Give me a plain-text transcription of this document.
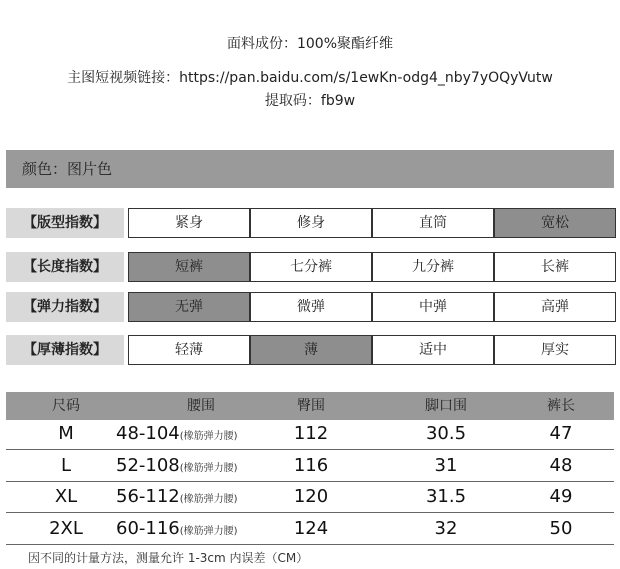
面料成份：100%聚酯纤维
主图短视频链接：https://pan.baidu.com/s/1ewKn-odg4_nby7yOQyVutw
提取码：fb9w
颜色：图片色
【版型指数】	紧身	修身	直筒	宽松
【长度指数】	短裤	七分裤	九分裤	长裤
【弹力指数】	无弹	微弹	中弹	高弹
【厚薄指数】	轻薄	薄	适中	厚实
尺码	腰围	臀围	脚口围	裤长
M	48-104(橡筋弹力腰)	112	30.5	47
L	52-108(橡筋弹力腰)	116	31	48
XL	56-112(橡筋弹力腰)	120	31.5	49
2XL	60-116(橡筋弹力腰)	124	32	50
因不同的计量方法，测量允许 1-3cm 内误差（CM）
